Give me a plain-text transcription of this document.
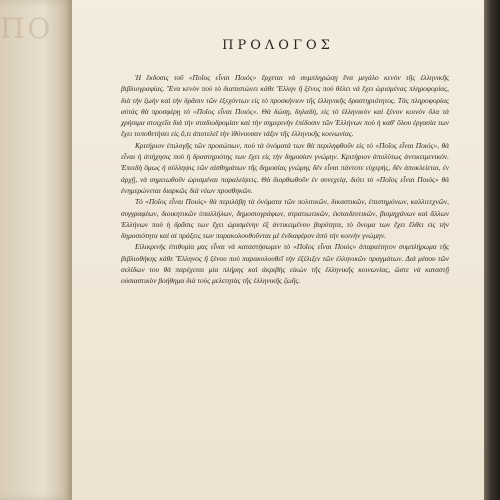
ΠΟ
ΠΡΟΛΟΓΟΣ

Ἡ ἔκδοσις τοῦ «Ποῖος εἶναι Ποιός» ἔρχεται νὰ συμπληρώσῃ ἕνα μεγάλο κενὸν τῆς ἑλληνικῆς βιβλιογραφίας. Ἕνα κενὸν ποὺ τὸ διαπιστώνει κάθε Ἕλλην ἢ ξένος ποὺ θέλει νὰ ἔχει ὡρισμένας πληροφορίας, διὰ τὴν ζωὴν καὶ τὴν δρᾶσιν τῶν ἐξεχόντων εἰς τὸ προσκήνιον τῆς ἑλληνικῆς δραστηριότητος. Τὰς πληροφορίας αὐτὰς θὰ προσφέρῃ τὸ «Ποῖος εἶναι Ποιός». Θὰ δώσῃ, δηλαδή, εἰς τὸ ἑλληνικὸν καὶ ξένον κοινὸν ὅλα τὰ χρήσιμα στοιχεῖα διὰ τὴν σταδιοδρομίαν καὶ τὴν σημερινὴν ἐπίδοσιν τῶν Ἑλλήνων ποὺ ἡ καθ' ὅλου ἐργασία των ἔχει τοποθετήσει εἰς ὅ,τι ἀποτελεῖ τὴν ἰθύνουσαν τάξιν τῆς ἑλληνικῆς κοινωνίας.

Κριτήριον ἐπιλογῆς τῶν προσώπων, ποὺ τὰ ὀνόματά των θὰ περιληφθοῦν εἰς τὸ «Ποῖος εἶναι Ποιός», θὰ εἶναι ἡ ἀπήχησις ποὺ ἡ δραστηριότης των ἔχει εἰς τὴν δημοσίαν γνώμην. Κριτήριον ἀπολύτως ἀντικειμενικόν. Ἐπειδὴ ὅμως ἡ σύλληψις τῶν αἰσθημάτων τῆς δημοσίας γνώμης δὲν εἶναι πάντοτε εὐχερής, δὲν ἀποκλείεται, ἐν ἀρχῇ, νὰ σημειωθοῦν ὡρισμέναι παραλείψεις. Θὰ διορθωθοῦν ἐν συνεχείᾳ, διότι τὸ «Ποῖος εἶναι Ποιός» θὰ ἐνημερώνεται διαρκῶς διὰ νέων προσθηκῶν.

Τὸ «Ποῖος εἶναι Ποιός» θὰ περιλάβῃ τὰ ὀνόματα τῶν πολιτικῶν, δικαστικῶν, ἐπιστημόνων, καλλιτεχνῶν, συγγραφέων, διοικητικῶν ὑπαλλήλων, δημοσιογράφων, στρατιωτικῶν, ἐκπαιδευτικῶν, βιομηχάνων καὶ ἄλλων Ἑλλήνων ποὺ ἡ δρᾶσις των ἔχει ὡρισμένην ἐξ ἀντικειμένου βαρύτητα, τὸ ὄνομα των ἔχει ἔλθει εἰς τὴν δημοσιότητα καὶ αἱ πράξεις των παρακολουθοῦνται μὲ ἐνδιαφέρον ἀπὸ τὴν κοινὴν γνώμην.

Εἰλικρινὴς ἐπιθυμία μας εἶναι νὰ καταστήσωμεν τὸ «Ποῖος εἶναι Ποιός» ἀπαραίτητον συμπλήρωμα τῆς βιβλιοθήκης κάθε Ἕλληνος ἢ ξένου ποὺ παρακολουθεῖ τὴν ἐξέλιξιν τῶν ἑλληνικῶν πραγμάτων. Διὰ μέσου τῶν σελίδων του θὰ παρέχεται μία πλήρης καὶ ἀκριβὴς εἰκὼν τῆς ἑλληνικῆς κοινωνίας, ὥστε νὰ καταστῇ οὐσιαστικὸν βοήθημα διὰ τοὺς μελετητὰς τῆς ἑλληνικῆς ζωῆς.
